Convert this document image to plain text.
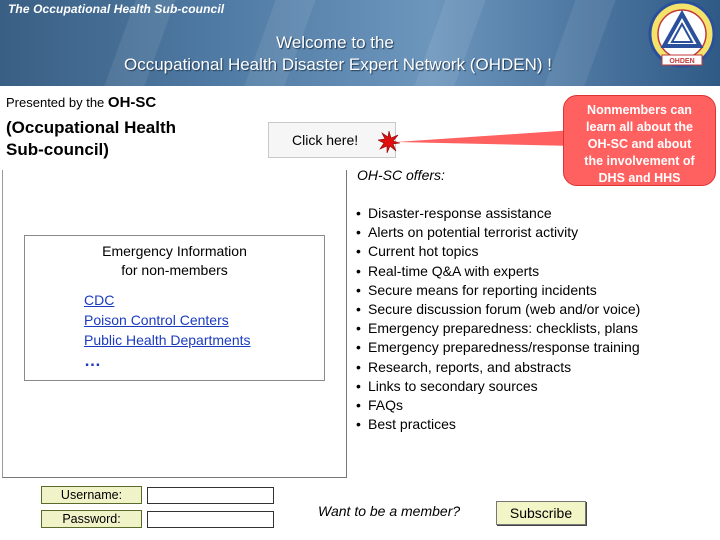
The Occupational Health Sub-council
Welcome to the
Occupational Health Disaster Expert Network (OHDEN) !	OHDEN
Presented by the OH-SC
(Occupational Health
Sub-council)	Click here!
Nonmembers can
learn all about the
OH-SC and about
the involvement of
DHS and HHS
OH-SC offers:
• Disaster-response assistance
• Alerts on potential terrorist activity
• Current hot topics
• Real-time Q&A with experts
• Secure means for reporting incidents
• Secure discussion forum (web and/or voice)
• Emergency preparedness: checklists, plans
• Emergency preparedness/response training
• Research, reports, and abstracts
• Links to secondary sources
• FAQs
• Best practices
Emergency Information
for non-members
CDC
Poison Control Centers
Public Health Departments
…
Username:
Password:	Want to be a member?	Subscribe
